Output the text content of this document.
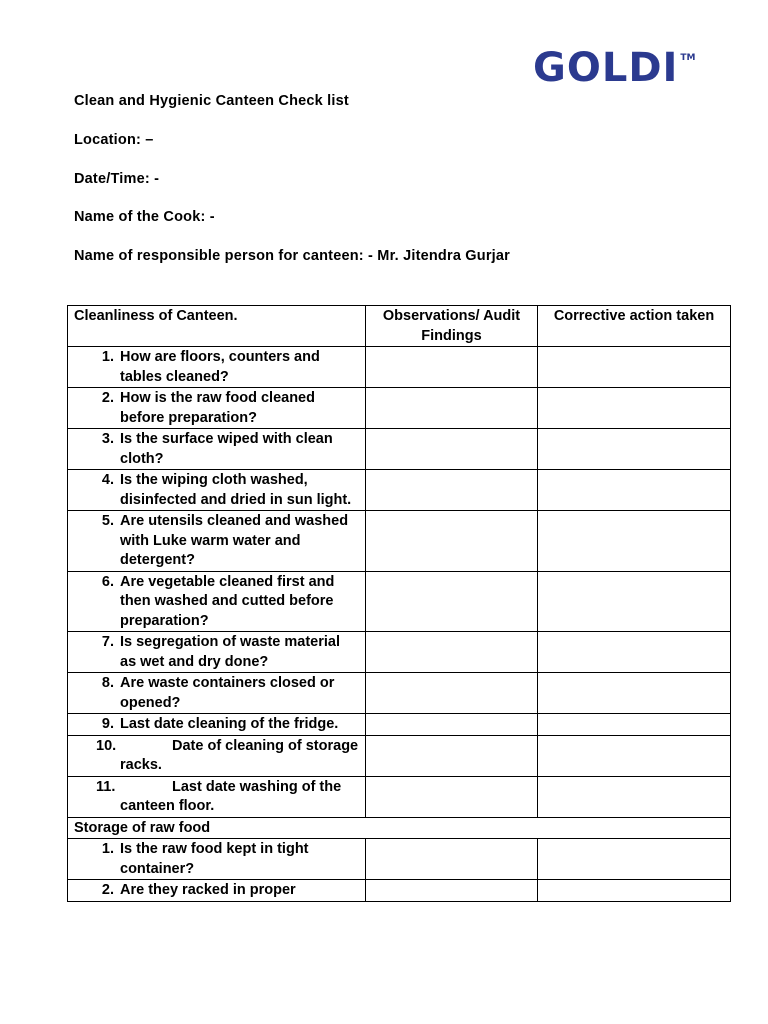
GOLDI ™
Clean and Hygienic Canteen Check list
Location: –
Date/Time: -
Name of the Cook: -
Name of responsible person for canteen: - Mr. Jitendra Gurjar
Cleanliness of Canteen.	Observations/ Audit Findings	Corrective action taken

1. How are floors, counters and tables cleaned?		

2. How is the raw food cleaned before preparation?		

3. Is the surface wiped with clean cloth?		

4. Is the wiping cloth washed, disinfected and dried in sun light.		

5. Are utensils cleaned and washed with Luke warm water and detergent?		

6. Are vegetable cleaned first and then washed and cutted before preparation?		

7. Is segregation of waste material as wet and dry done?		

8. Are waste containers closed or opened?		

9. Last date cleaning of the fridge.		

10. Date of cleaning of storage racks.		

11. Last date washing of the canteen floor.		

Storage of raw food		

1. Is the raw food kept in tight container?		

2. Are they racked in proper		
